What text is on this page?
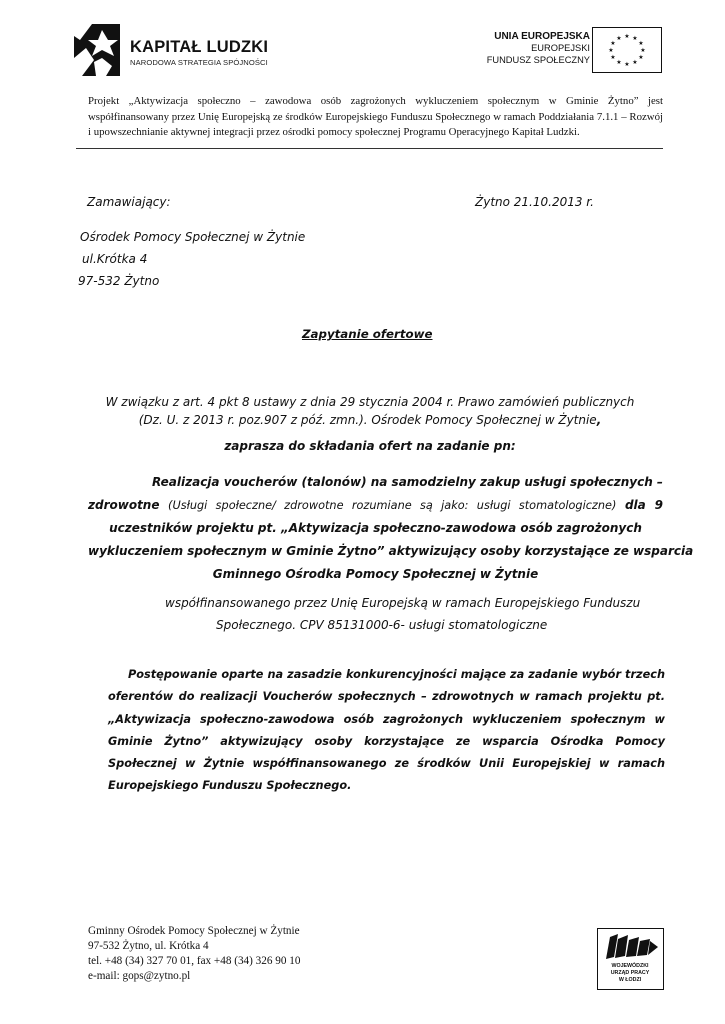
KAPITAŁ LUDZKI
NARODOWA STRATEGIA SPÓJNOŚCI
UNIA EUROPEJSKA
EUROPEJSKI
FUNDUSZ SPOŁECZNY
★ ★
★
★
★
★
★
★
★
★
★
★
Projekt „Aktywizacja społeczno – zawodowa osób zagrożonych wykluczeniem społecznym w Gminie Żytno” jest współfinansowany przez Unię Europejską ze środków Europejskiego Funduszu Społecznego w ramach Poddziałania 7.1.1 – Rozwój i upowszechnianie aktywnej integracji przez ośrodki pomocy społecznej Programu Operacyjnego Kapitał Ludzki.
Zamawiający:	Żytno 21.10.2013 r.
Ośrodek Pomocy Społecznej w Żytnie
ul.Krótka 4
97-532 Żytno
Zapytanie ofertowe
W związku z art. 4 pkt 8 ustawy z dnia 29 stycznia 2004 r. Prawo zamówień publicznych
(Dz. U. z 2013 r. poz.907 z póź. zmn.). Ośrodek Pomocy Społecznej w Żytnie,
zaprasza do składania ofert na zadanie pn:
Realizacja voucherów (talonów) na samodzielny zakup usługi społecznych –
zdrowotne (Usługi społeczne/ zdrowotne rozumiane są jako: usługi stomatologiczne) dla 9
uczestników projektu pt. „Aktywizacja społeczno-zawodowa osób zagrożonych
wykluczeniem społecznym w Gminie Żytno” aktywizujący osoby korzystające ze wsparcia
Gminnego Ośrodka Pomocy Społecznej w Żytnie
współfinansowanego przez Unię Europejską w ramach Europejskiego Funduszu
Społecznego. CPV 85131000-6- usługi stomatologiczne
Postępowanie oparte na zasadzie konkurencyjności mające za zadanie wybór trzech oferentów do realizacji Voucherów społecznych – zdrowotnych w ramach projektu pt. „Aktywizacja społeczno-zawodowa osób zagrożonych wykluczeniem społecznym w Gminie Żytno” aktywizujący osoby korzystające ze wsparcia Ośrodka Pomocy Społecznej w Żytnie współfinansowanego ze środków Unii Europejskiej w ramach Europejskiego Funduszu Społecznego.
Gminny Ośrodek Pomocy Społecznej w Żytnie
97-532 Żytno, ul. Krótka 4
tel. +48 (34) 327 70 01, fax +48 (34) 326 90 10
e-mail: gops@zytno.pl
WOJEWÓDZKI
URZĄD PRACY
W ŁODZI
